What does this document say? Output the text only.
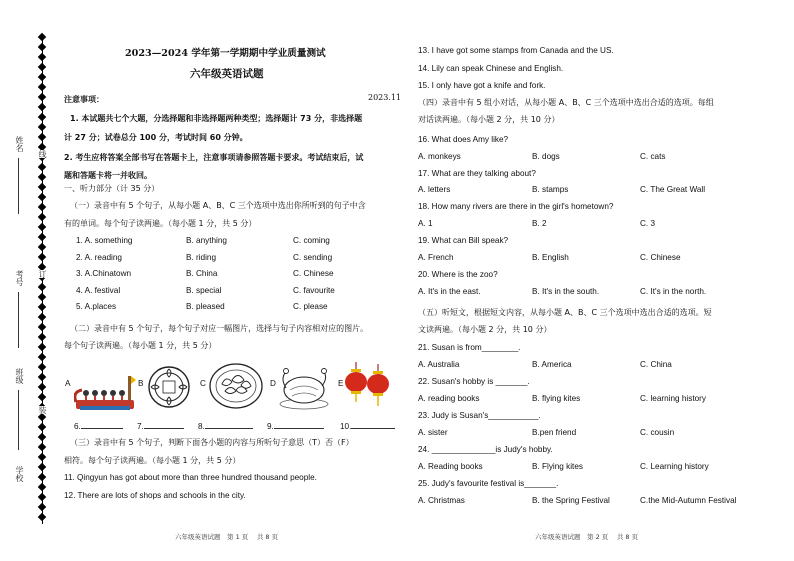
姓名
考号
班级
学校
线
订
装
2023—2024 学年第一学期期中学业质量测试
六年级英语试题
注意事项：	2023.11
1. 本试题共七个大题，分选择题和非选择题两种类型；选择题计 73 分，非选择题
计 27 分；试卷总分 100 分，考试时间 60 分钟。
2. 考生应将答案全部书写在答题卡上，注意事项请参照答题卡要求。考试结束后，试
题和答题卡将一并收回。
一、听力部分（计 35 分）
（一）录音中有 5 个句子，从每小题 A、B、C 三个选项中选出你所听到的句子中含
有的单词。每个句子读两遍。（每小题 1 分，共 5 分）
1. A. something	B. anything	C. coming
2. A. reading	B. riding	C. sending
3. A.Chinatown	B. China	C. Chinese
4. A. festival	B. special	C. favourite
5. A.places	B. pleased	C. please
（二）录音中有 5 个句子，每个句子对应一幅图片，选择与句子内容相对应的图片。
每个句子读两遍。（每小题 1 分，共 5 分）
A	B	C	D	E
6.	7.	8.	9.	10.
（三）录音中有 5 个句子，判断下面各小题的内容与所听句子意思（T）否（F）
相符。每个句子读两遍。（每小题 1 分，共 5 分）
11. Qingyun has got about more than three hundred thousand people.
12. There are lots of shops and schools in the city.
六年级英语试题　第 1 页　 共 8 页
13. I have got some stamps from Canada and the US.
14. Lily can speak Chinese and English.
15. I only have got a knife and fork.
（四）录音中有 5 组小对话，从每小题 A、B、C 三个选项中选出合适的选项。每组
对话读两遍。（每小题 2 分，共 10 分）
16. What does Amy like?
A. monkeys	B. dogs	C. cats
17. What are they talking about?
A. letters	B. stamps	C. The Great Wall
18. How many rivers are there in the girl's hometown?
A. 1	B. 2	C. 3
19. What can Bill speak?
A. French	B. English	C. Chinese
20. Where is the zoo?
A. It's in the east.	B. It's in the south.	C. It's in the north.
（五）听短文，根据短文内容，从每小题 A、B、C 三个选项中选出合适的选项。短
文读两遍。（每小题 2 分，共 10 分）
21. Susan is from________.
A. Australia	B. America	C. China
22. Susan's hobby is _______.
A. reading books	B. flying kites	C. learning history
23. Judy is Susan's___________.
A. sister	B.pen friend	C. cousin
24. ______________is Judy's hobby.
A. Reading books	B. Flying kites	C. Learning history
25. Judy's favourite festival is_______.
A. Christmas	B. the Spring Festival	C.the Mid-Autumn Festival
六年级英语试题　第 2 页　 共 8 页
